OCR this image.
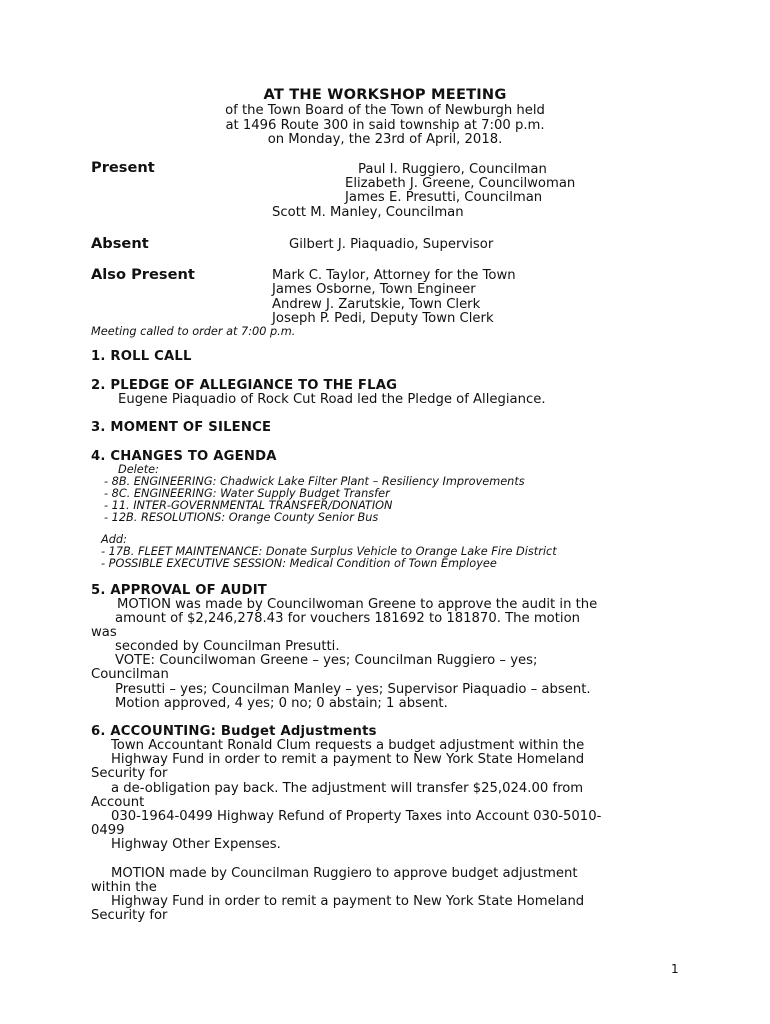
AT THE WORKSHOP MEETING
of the Town Board of the Town of Newburgh held
at 1496 Route 300 in said township at 7:00 p.m.
on Monday, the 23rd of April, 2018.
Present	Paul I. Ruggiero, Councilman
Elizabeth J. Greene, Councilwoman
James E. Presutti, Councilman
Scott M. Manley, Councilman
Absent	Gilbert J. Piaquadio, Supervisor
Also Present	Mark C. Taylor, Attorney for the Town
James Osborne, Town Engineer
Andrew J. Zarutskie, Town Clerk
Joseph P. Pedi, Deputy Town Clerk
Meeting called to order at 7:00 p.m.
1. ROLL CALL
2. PLEDGE OF ALLEGIANCE TO THE FLAG
Eugene Piaquadio of Rock Cut Road led the Pledge of Allegiance.
3. MOMENT OF SILENCE
4. CHANGES TO AGENDA
Delete:
- 8B. ENGINEERING: Chadwick Lake Filter Plant – Resiliency Improvements
- 8C. ENGINEERING: Water Supply Budget Transfer
- 11. INTER-GOVERNMENTAL TRANSFER/DONATION
- 12B. RESOLUTIONS: Orange County Senior Bus
Add:
- 17B. FLEET MAINTENANCE: Donate Surplus Vehicle to Orange Lake Fire District
- POSSIBLE EXECUTIVE SESSION: Medical Condition of Town Employee
5. APPROVAL OF AUDIT
MOTION was made by Councilwoman Greene to approve the audit in the
amount of $2,246,278.43 for vouchers 181692 to 181870. The motion
was
seconded by Councilman Presutti.
VOTE: Councilwoman Greene – yes; Councilman Ruggiero – yes;
Councilman
Presutti – yes; Councilman Manley – yes; Supervisor Piaquadio – absent.
Motion approved, 4 yes; 0 no; 0 abstain; 1 absent.
6. ACCOUNTING: Budget Adjustments
Town Accountant Ronald Clum requests a budget adjustment within the
Highway Fund in order to remit a payment to New York State Homeland
Security for
a de-obligation pay back. The adjustment will transfer $25,024.00 from
Account
030-1964-0499 Highway Refund of Property Taxes into Account 030-5010-
0499
Highway Other Expenses.
MOTION made by Councilman Ruggiero to approve budget adjustment
within the
Highway Fund in order to remit a payment to New York State Homeland
Security for
1
